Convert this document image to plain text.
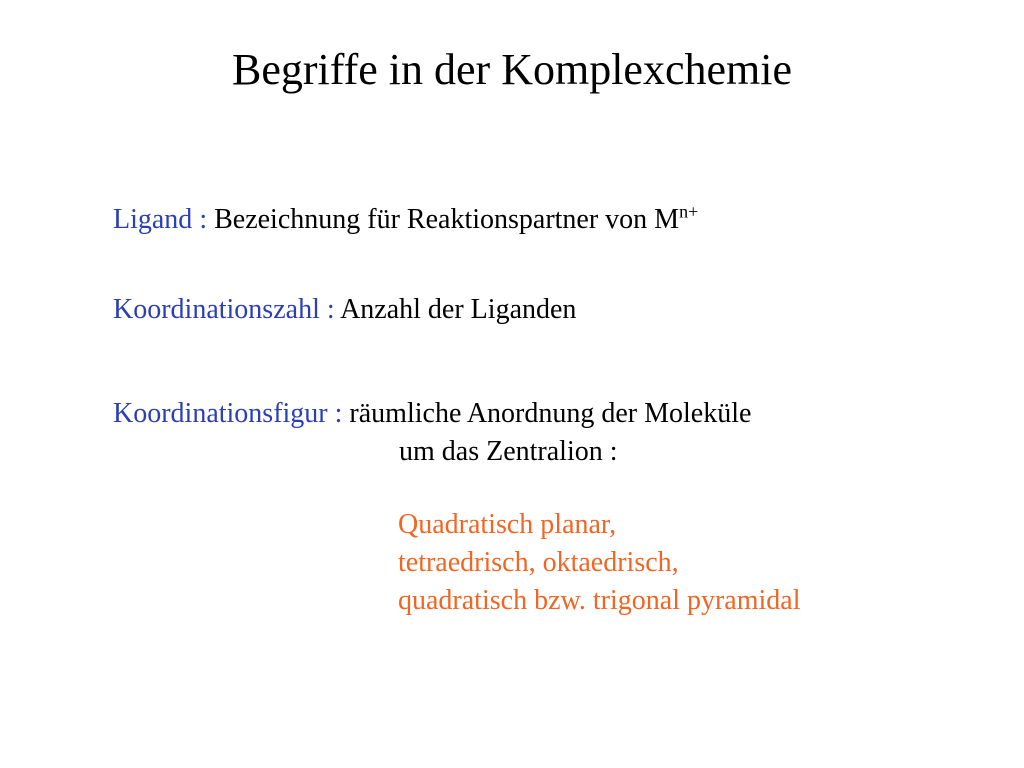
Begriffe in der Komplexchemie
Ligand : Bezeichnung für Reaktionspartner von $M^{n+}$
Koordinationszahl : Anzahl der Liganden
Koordinationsfigur : räumliche Anordnung der Moleküle
um das Zentralion :
Quadratisch planar,
tetraedrisch, oktaedrisch,
quadratisch bzw. trigonal pyramidal
